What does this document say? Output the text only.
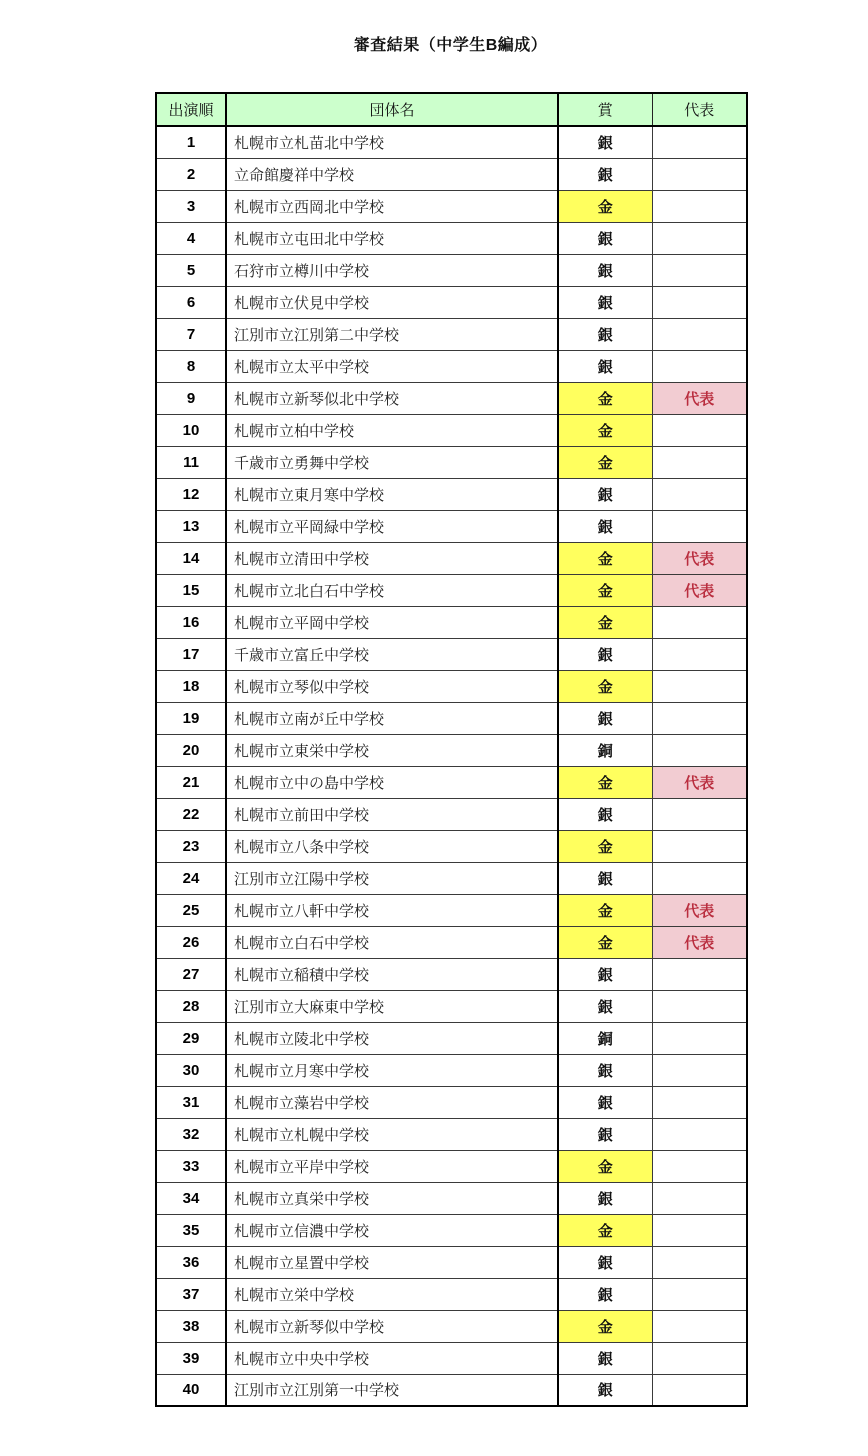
審査結果（中学生B編成）
出演順	団体名	賞	代表
1	札幌市立札苗北中学校	銀	
2	立命館慶祥中学校	銀	
3	札幌市立西岡北中学校	金	
4	札幌市立屯田北中学校	銀	
5	石狩市立樽川中学校	銀	
6	札幌市立伏見中学校	銀	
7	江別市立江別第二中学校	銀	
8	札幌市立太平中学校	銀	
9	札幌市立新琴似北中学校	金	代表
10	札幌市立柏中学校	金	
11	千歳市立勇舞中学校	金	
12	札幌市立東月寒中学校	銀	
13	札幌市立平岡緑中学校	銀	
14	札幌市立清田中学校	金	代表
15	札幌市立北白石中学校	金	代表
16	札幌市立平岡中学校	金	
17	千歳市立富丘中学校	銀	
18	札幌市立琴似中学校	金	
19	札幌市立南が丘中学校	銀	
20	札幌市立東栄中学校	銅	
21	札幌市立中の島中学校	金	代表
22	札幌市立前田中学校	銀	
23	札幌市立八条中学校	金	
24	江別市立江陽中学校	銀	
25	札幌市立八軒中学校	金	代表
26	札幌市立白石中学校	金	代表
27	札幌市立稲積中学校	銀	
28	江別市立大麻東中学校	銀	
29	札幌市立陵北中学校	銅	
30	札幌市立月寒中学校	銀	
31	札幌市立藻岩中学校	銀	
32	札幌市立札幌中学校	銀	
33	札幌市立平岸中学校	金	
34	札幌市立真栄中学校	銀	
35	札幌市立信濃中学校	金	
36	札幌市立星置中学校	銀	
37	札幌市立栄中学校	銀	
38	札幌市立新琴似中学校	金	
39	札幌市立中央中学校	銀	
40	江別市立江別第一中学校	銀	
